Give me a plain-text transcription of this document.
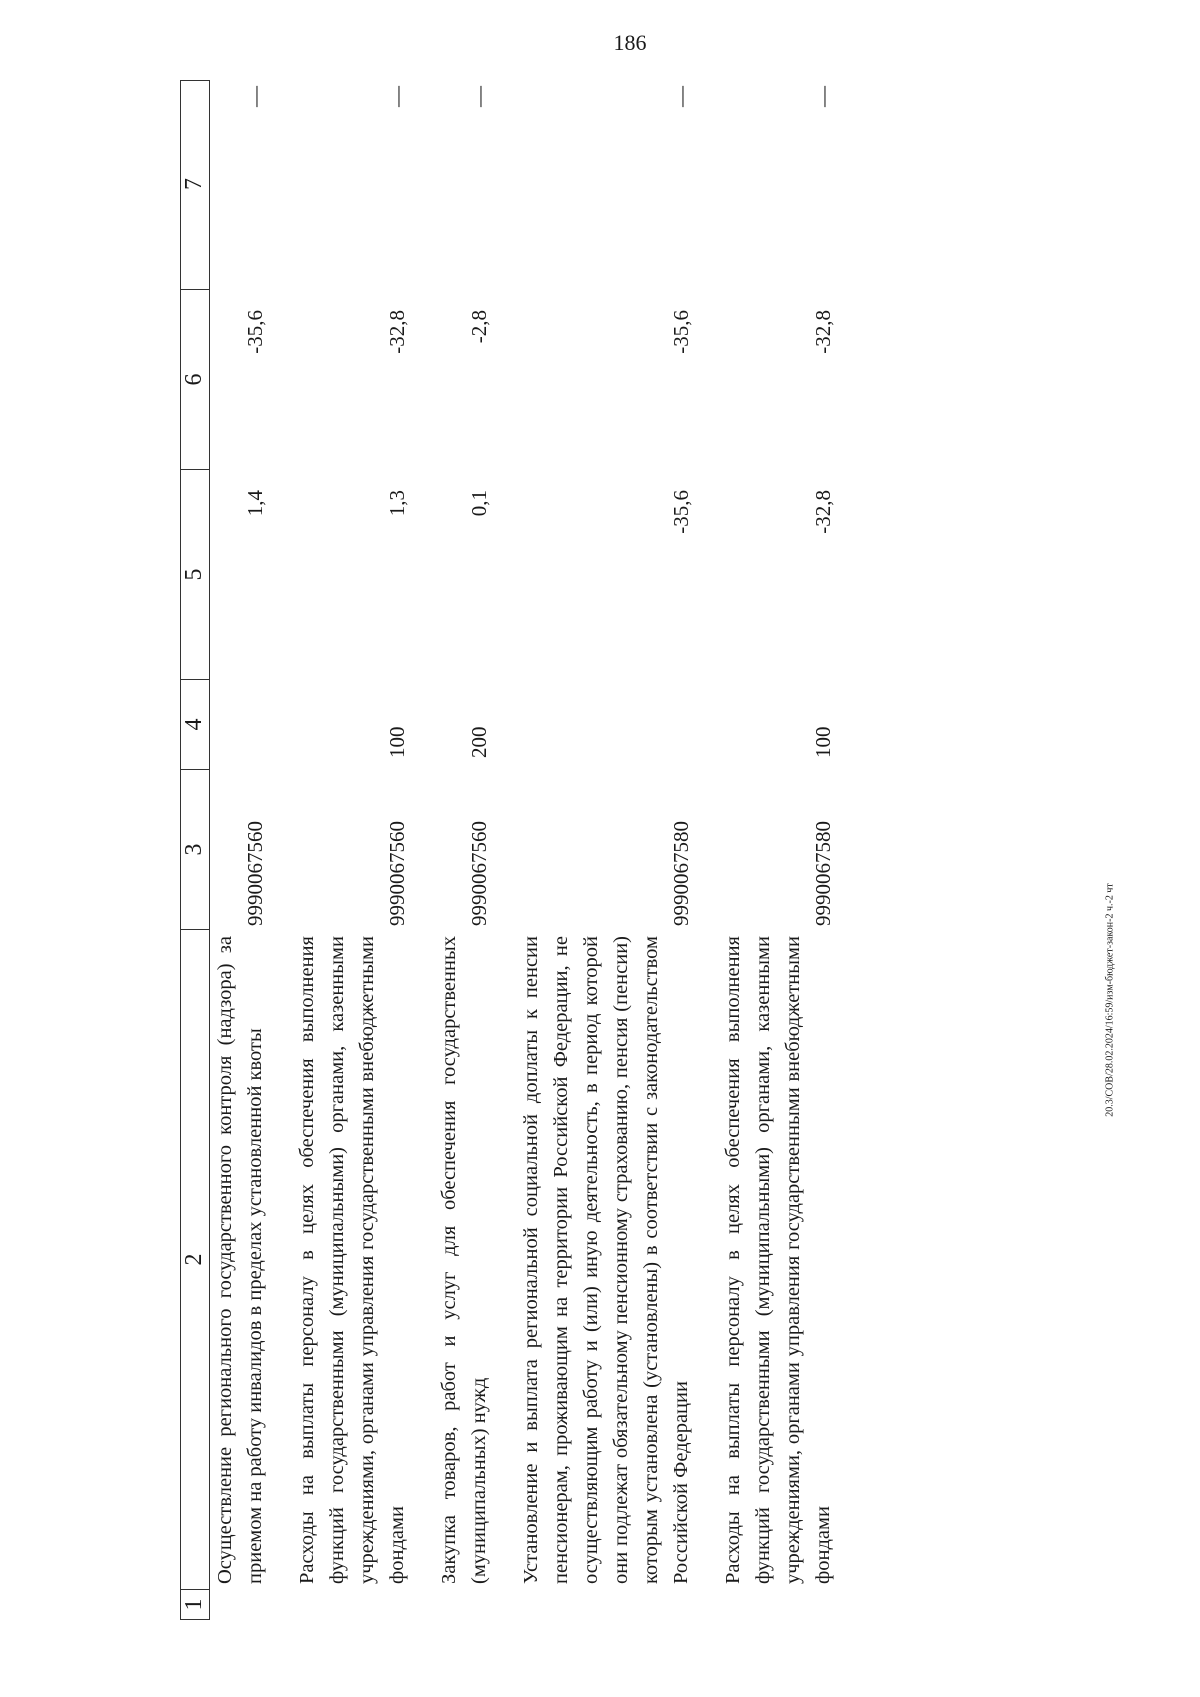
186
1
2
3
4
5
6
7
Осуществление регионального государственного контроля (надзора) за приемом на работу инвалидов в пределах установленной квоты
9990067560
1,4
-35,6
—
Расходы на выплаты персоналу в целях обеспечения выполнения функций государственными (муниципальными) органами, казенными учреждениями, органами управления государственными внебюджетными фондами
9990067560
100
1,3
-32,8
—
Закупка товаров, работ и услуг для обеспечения государственных (муниципальных) нужд
9990067560
200
0,1
-2,8
—
Установление и выплата региональной социальной доплаты к пенсии пенсионерам, проживающим на территории Российской Федерации, не осуществляющим работу и (или) иную деятельность, в период которой они подлежат обязательному пенсионному страхованию, пенсия (пенсии) которым установлена (установлены) в соответствии с законодательством Российской Федерации
9990067580
-35,6
-35,6
—
Расходы на выплаты персоналу в целях обеспечения выполнения функций государственными (муниципальными) органами, казенными учреждениями, органами управления государственными внебюджетными фондами
9990067580
100
-32,8
-32,8
—
20.3/СОВ/28.02.2024/16:59/изм-бюджет-закон-2 ч.-2 чт
